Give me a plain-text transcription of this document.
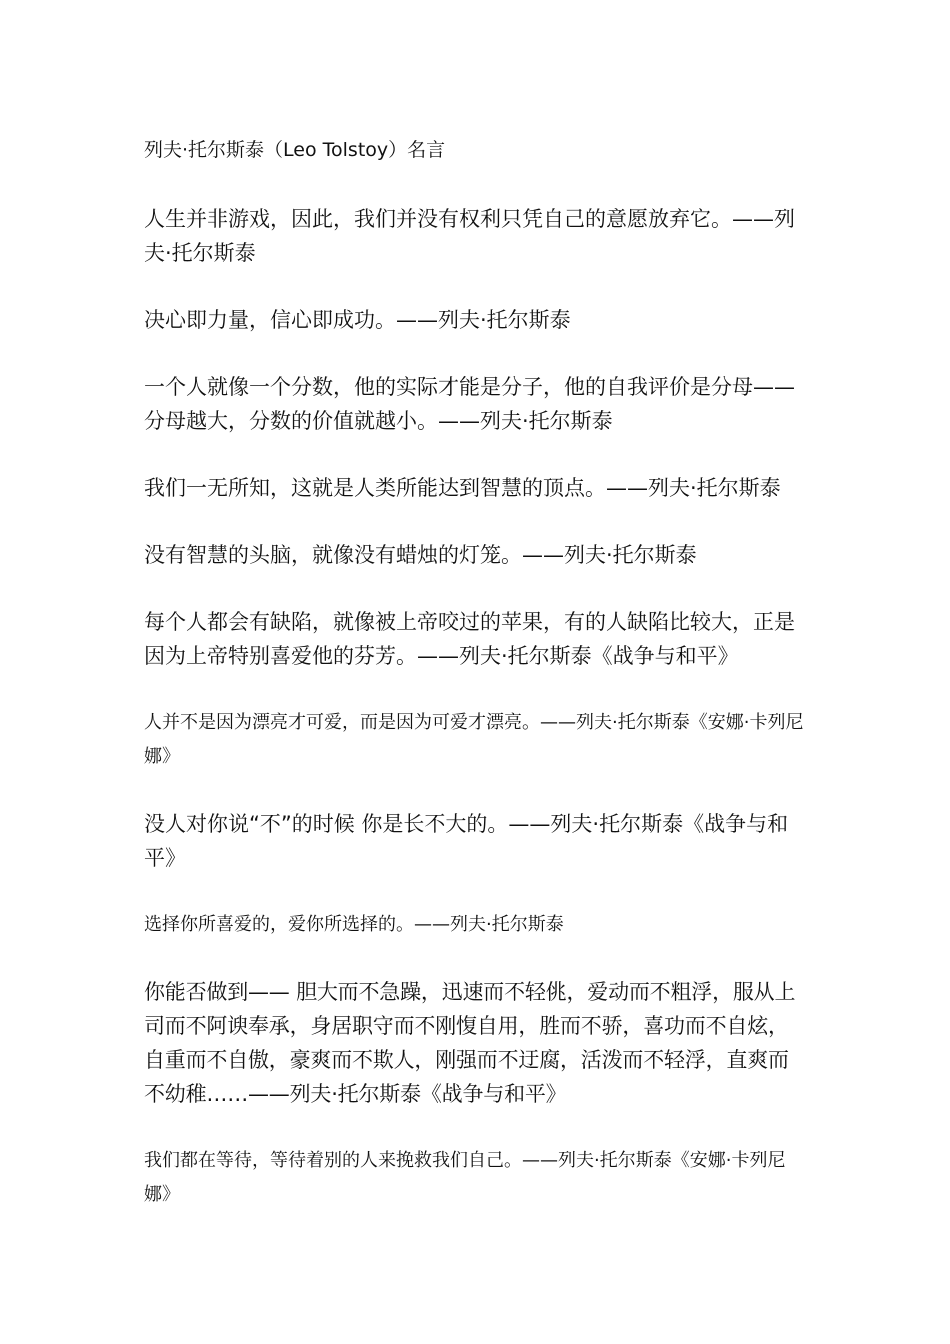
列夫·托尔斯泰（Leo Tolstoy）名言

人生并非游戏，因此，我们并没有权利只凭自己的意愿放弃它。——列夫·托尔斯泰

决心即力量，信心即成功。——列夫·托尔斯泰

一个人就像一个分数，他的实际才能是分子，他的自我评价是分母——分母越大，分数的价值就越小。——列夫·托尔斯泰

我们一无所知，这就是人类所能达到智慧的顶点。——列夫·托尔斯泰

没有智慧的头脑，就像没有蜡烛的灯笼。——列夫·托尔斯泰

每个人都会有缺陷，就像被上帝咬过的苹果，有的人缺陷比较大，正是因为上帝特别喜爱他的芬芳。——列夫·托尔斯泰《战争与和平》

人并不是因为漂亮才可爱，而是因为可爱才漂亮。——列夫·托尔斯泰《安娜·卡列尼娜》

没人对你说“不”的时候 你是长不大的。——列夫·托尔斯泰《战争与和平》

选择你所喜爱的，爱你所选择的。——列夫·托尔斯泰

你能否做到—— 胆大而不急躁，迅速而不轻佻，爱动而不粗浮，服从上司而不阿谀奉承，身居职守而不刚愎自用，胜而不骄，喜功而不自炫，自重而不自傲，豪爽而不欺人，刚强而不迂腐，活泼而不轻浮，直爽而不幼稚……——列夫·托尔斯泰《战争与和平》

我们都在等待，等待着别的人来挽救我们自己。——列夫·托尔斯泰《安娜·卡列尼娜》
